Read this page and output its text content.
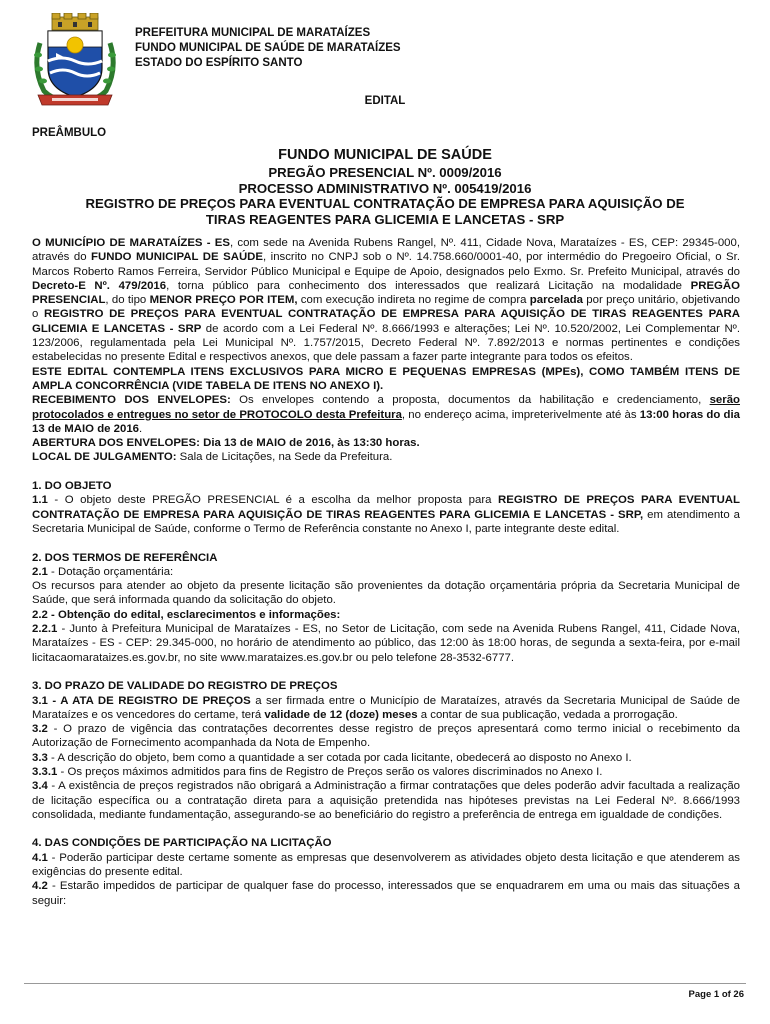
PREFEITURA MUNICIPAL DE MARATAÍZES
FUNDO MUNICIPAL DE SAÚDE DE MARATAÍZES
ESTADO DO ESPÍRITO SANTO
EDITAL
PREÂMBULO
FUNDO MUNICIPAL DE SAÚDE
PREGÃO PRESENCIAL Nº. 0009/2016
PROCESSO ADMINISTRATIVO Nº. 005419/2016
REGISTRO DE PREÇOS PARA EVENTUAL CONTRATAÇÃO DE EMPRESA PARA AQUISIÇÃO DE
TIRAS REAGENTES PARA GLICEMIA E LANCETAS - SRP

O MUNICÍPIO DE MARATAÍZES - ES, com sede na Avenida Rubens Rangel, Nº. 411, Cidade Nova, Marataízes - ES, CEP: 29345-000, através do FUNDO MUNICIPAL DE SAÚDE, inscrito no CNPJ sob o Nº. 14.758.660/0001-40, por intermédio do Pregoeiro Oficial, o Sr. Marcos Roberto Ramos Ferreira, Servidor Público Municipal e Equipe de Apoio, designados pelo Exmo. Sr. Prefeito Municipal, através do Decreto-E Nº. 479/2016, torna público para conhecimento dos interessados que realizará Licitação na modalidade PREGÃO PRESENCIAL, do tipo MENOR PREÇO POR ITEM, com execução indireta no regime de compra parcelada por preço unitário, objetivando o REGISTRO DE PREÇOS PARA EVENTUAL CONTRATAÇÃO DE EMPRESA PARA AQUISIÇÃO DE TIRAS REAGENTES PARA GLICEMIA E LANCETAS - SRP de acordo com a Lei Federal Nº. 8.666/1993 e alterações; Lei Nº. 10.520/2002, Lei Complementar Nº. 123/2006, regulamentada pela Lei Municipal Nº. 1.757/2015, Decreto Federal Nº. 7.892/2013 e normas pertinentes e condições estabelecidas no presente Edital e respectivos anexos, que dele passam a fazer parte integrante para todos os efeitos.

ESTE EDITAL CONTEMPLA ITENS EXCLUSIVOS PARA MICRO E PEQUENAS EMPRESAS (MPEs), COMO TAMBÉM ITENS DE AMPLA CONCORRÊNCIA (VIDE TABELA DE ITENS NO ANEXO I).

RECEBIMENTO DOS ENVELOPES: Os envelopes contendo a proposta, documentos da habilitação e credenciamento, serão protocolados e entregues no setor de PROTOCOLO desta Prefeitura, no endereço acima, impreterivelmente até às 13:00 horas do dia 13 de MAIO de 2016.

ABERTURA DOS ENVELOPES: Dia 13 de MAIO de 2016, às 13:30 horas.

LOCAL DE JULGAMENTO: Sala de Licitações, na Sede da Prefeitura.

1. DO OBJETO

1.1 - O objeto deste PREGÃO PRESENCIAL é a escolha da melhor proposta para REGISTRO DE PREÇOS PARA EVENTUAL CONTRATAÇÃO DE EMPRESA PARA AQUISIÇÃO DE TIRAS REAGENTES PARA GLICEMIA E LANCETAS - SRP, em atendimento a Secretaria Municipal de Saúde, conforme o Termo de Referência constante no Anexo I, parte integrante deste edital.

2. DOS TERMOS DE REFERÊNCIA

2.1 - Dotação orçamentária:

Os recursos para atender ao objeto da presente licitação são provenientes da dotação orçamentária própria da Secretaria Municipal de Saúde, que será informada quando da solicitação do objeto.

2.2 - Obtenção do edital, esclarecimentos e informações:

2.2.1 - Junto à Prefeitura Municipal de Marataízes - ES, no Setor de Licitação, com sede na Avenida Rubens Rangel, 411, Cidade Nova, Marataízes - ES - CEP: 29.345-000, no horário de atendimento ao público, das 12:00 às 18:00 horas, de segunda a sexta-feira, por e-mail licitacaomarataizes.es.gov.br, no site www.marataizes.es.gov.br ou pelo telefone 28-3532-6777.

3. DO PRAZO DE VALIDADE DO REGISTRO DE PREÇOS

3.1 - A ATA DE REGISTRO DE PREÇOS a ser firmada entre o Município de Marataízes, através da Secretaria Municipal de Saúde de Marataízes e os vencedores do certame, terá validade de 12 (doze) meses a contar de sua publicação, vedada a prorrogação.

3.2 - O prazo de vigência das contratações decorrentes desse registro de preços apresentará como termo inicial o recebimento da Autorização de Fornecimento acompanhada da Nota de Empenho.

3.3 - A descrição do objeto, bem como a quantidade a ser cotada por cada licitante, obedecerá ao disposto no Anexo I.

3.3.1 - Os preços máximos admitidos para fins de Registro de Preços serão os valores discriminados no Anexo I.

3.4 - A existência de preços registrados não obrigará a Administração a firmar contratações que deles poderão advir facultada a realização de licitação específica ou a contratação direta para a aquisição pretendida nas hipóteses previstas na Lei Federal Nº. 8.666/1993 consolidada, mediante fundamentação, assegurando-se ao beneficiário do registro a preferência de entrega em igualdade de condições.

4. DAS CONDIÇÕES DE PARTICIPAÇÃO NA LICITAÇÃO

4.1 - Poderão participar deste certame somente as empresas que desenvolverem as atividades objeto desta licitação e que atenderem as exigências do presente edital.

4.2 - Estarão impedidos de participar de qualquer fase do processo, interessados que se enquadrarem em uma ou mais das situações a seguir:

Page 1 of 26
